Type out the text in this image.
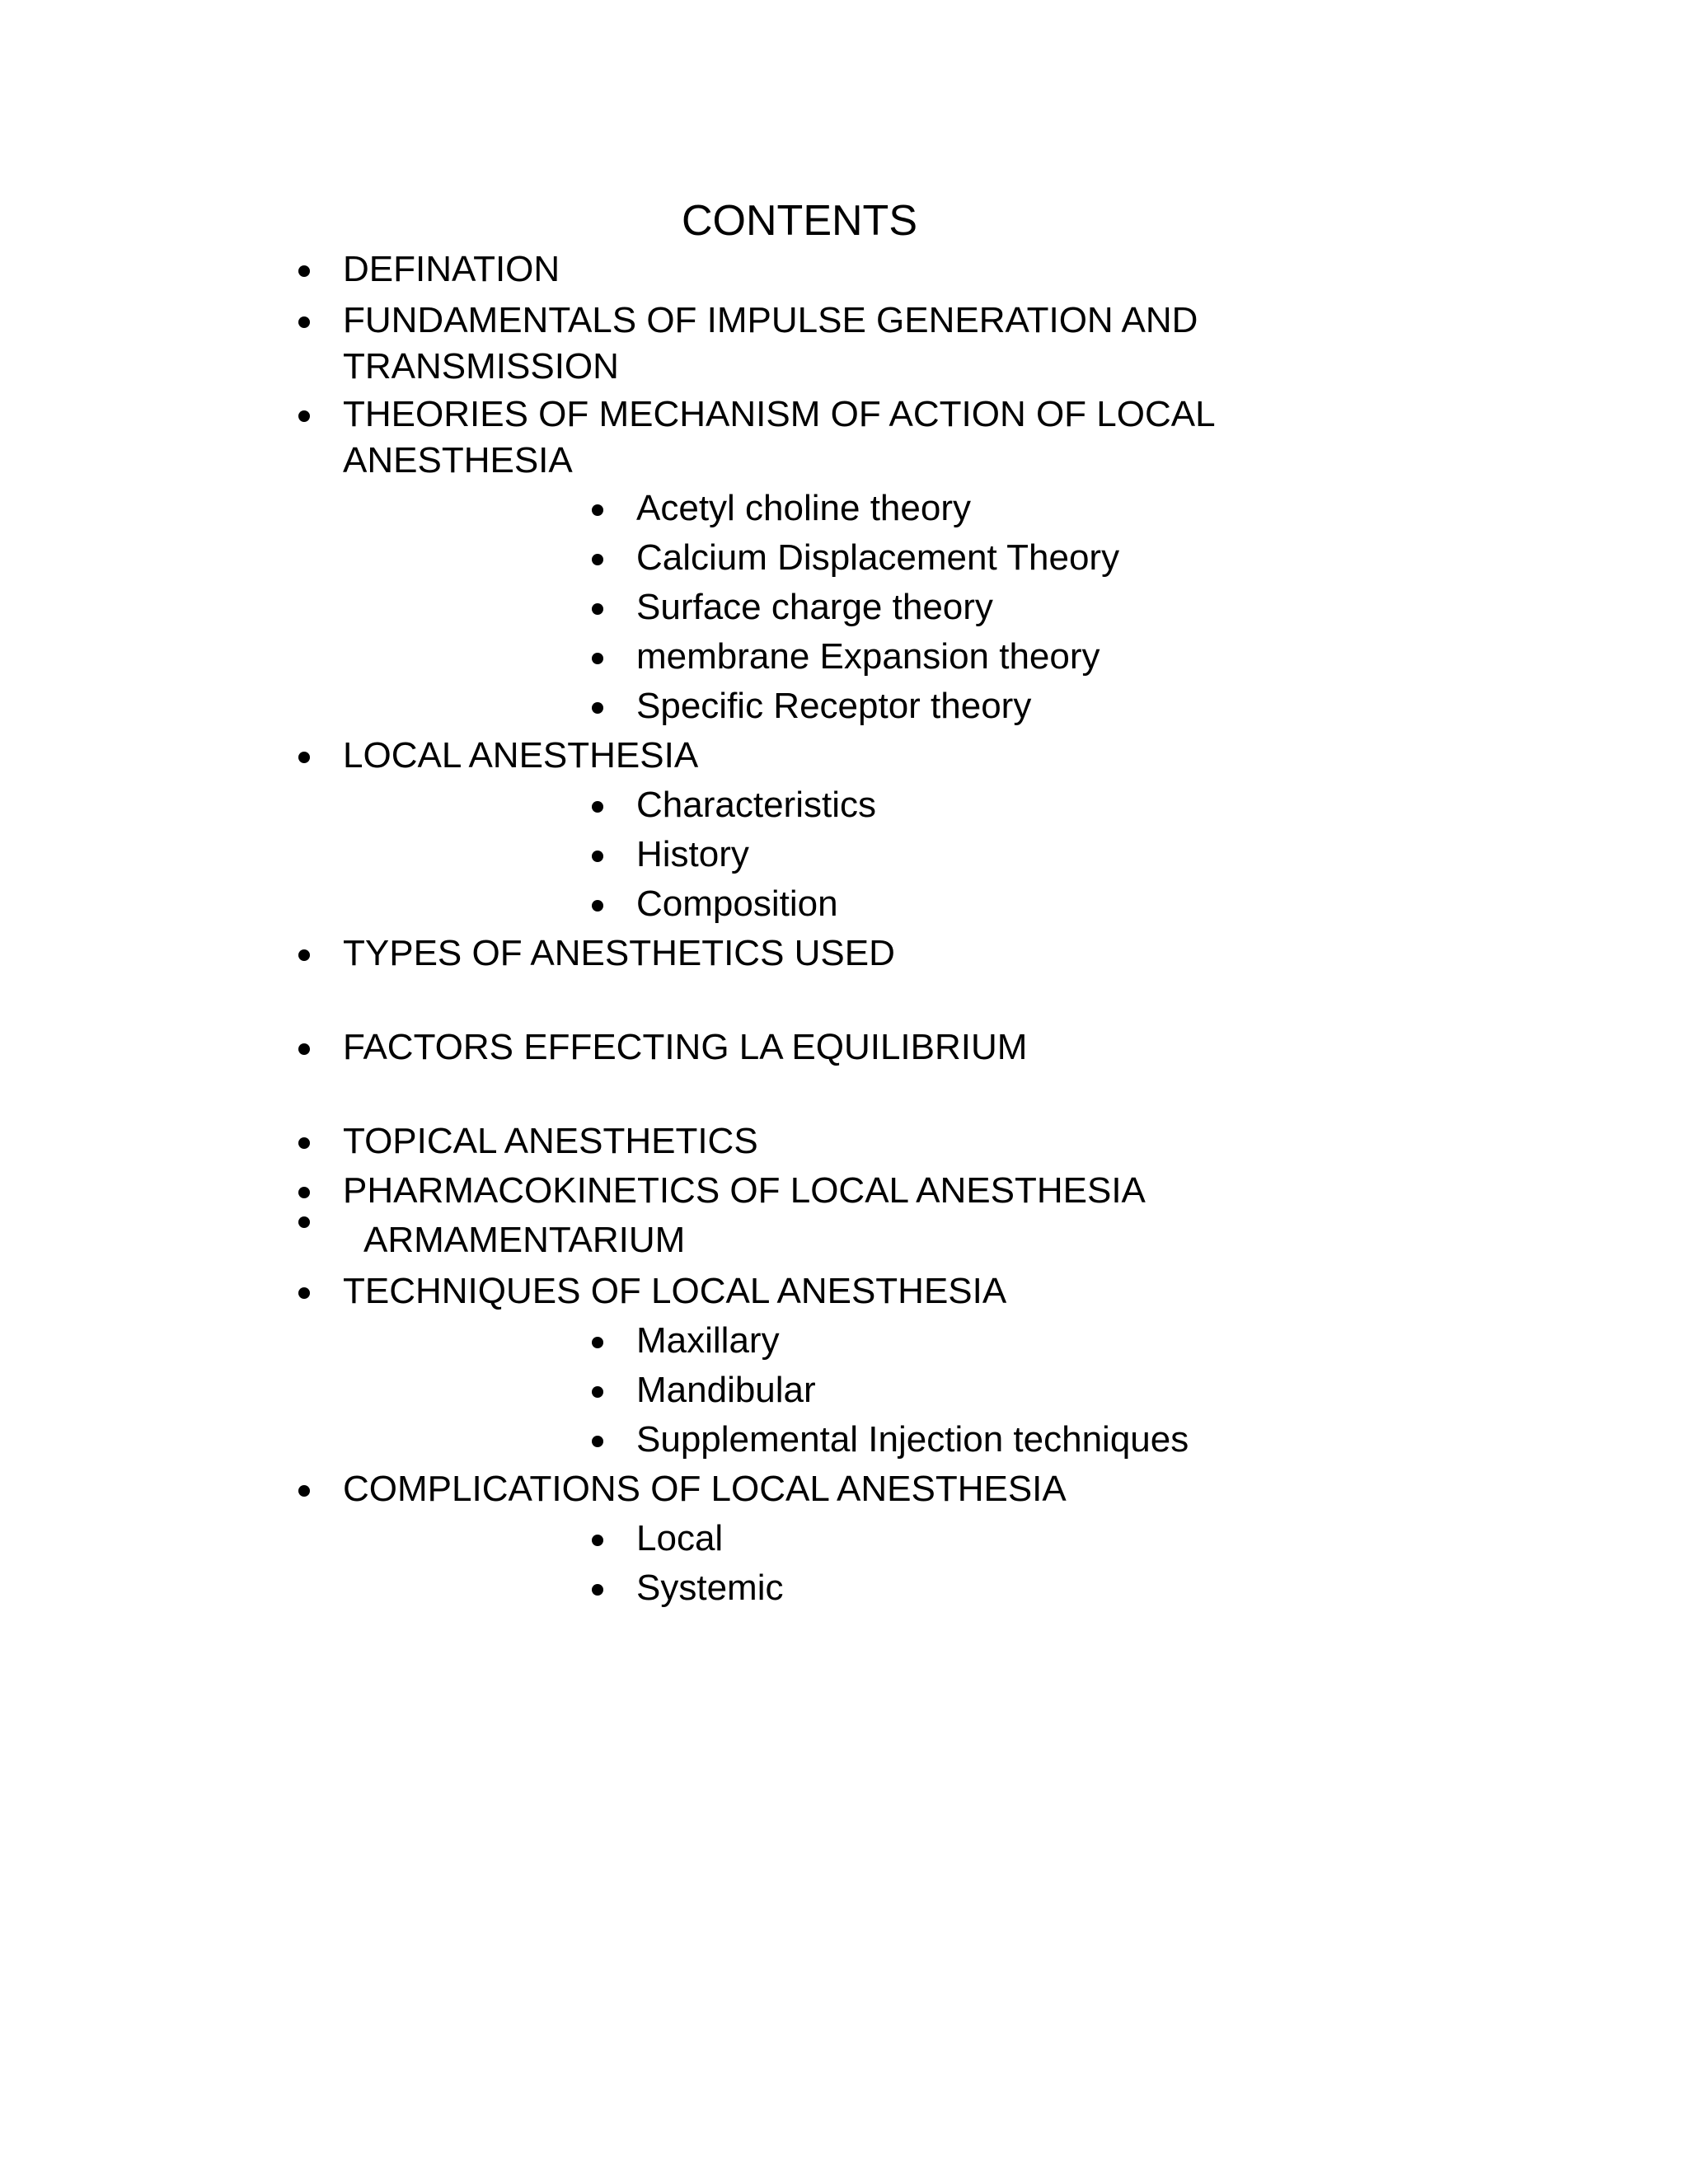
CONTENTS
DEFINATION
FUNDAMENTALS OF IMPULSE GENERATION AND
TRANSMISSION
THEORIES OF MECHANISM OF ACTION OF LOCAL
ANESTHESIA
Acetyl choline theory
Calcium Displacement Theory
Surface charge theory
membrane Expansion theory
Specific Receptor theory
LOCAL ANESTHESIA
Characteristics
History
Composition
TYPES OF ANESTHETICS USED
FACTORS EFFECTING LA EQUILIBRIUM
TOPICAL ANESTHETICS
PHARMACOKINETICS OF LOCAL ANESTHESIA
ARMAMENTARIUM
TECHNIQUES OF LOCAL ANESTHESIA
Maxillary
Mandibular
Supplemental Injection techniques
COMPLICATIONS OF LOCAL ANESTHESIA
Local
Systemic
